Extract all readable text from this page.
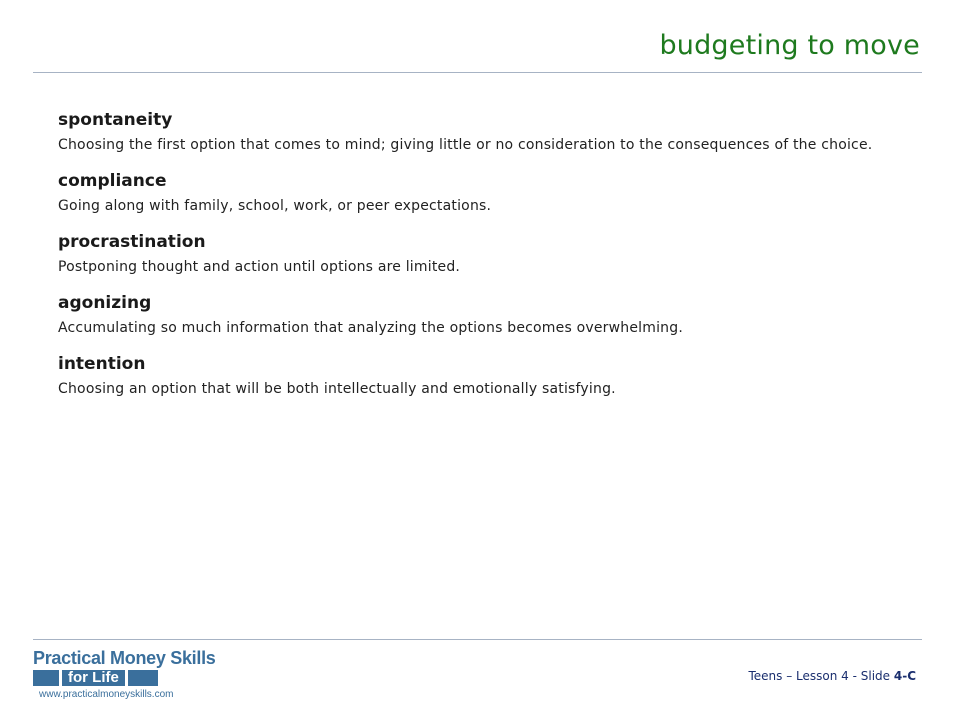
budgeting to move
spontaneity
Choosing the first option that comes to mind; giving little or no consideration to the consequences of the choice.
compliance
Going along with family, school, work, or peer expectations.
procrastination
Postponing thought and action until options are limited.
agonizing
Accumulating so much information that analyzing the options becomes overwhelming.
intention
Choosing an option that will be both intellectually and emotionally satisfying.
Practical Money Skills
for Life
www.practicalmoneyskills.com
Teens – Lesson 4 - Slide 4-C
